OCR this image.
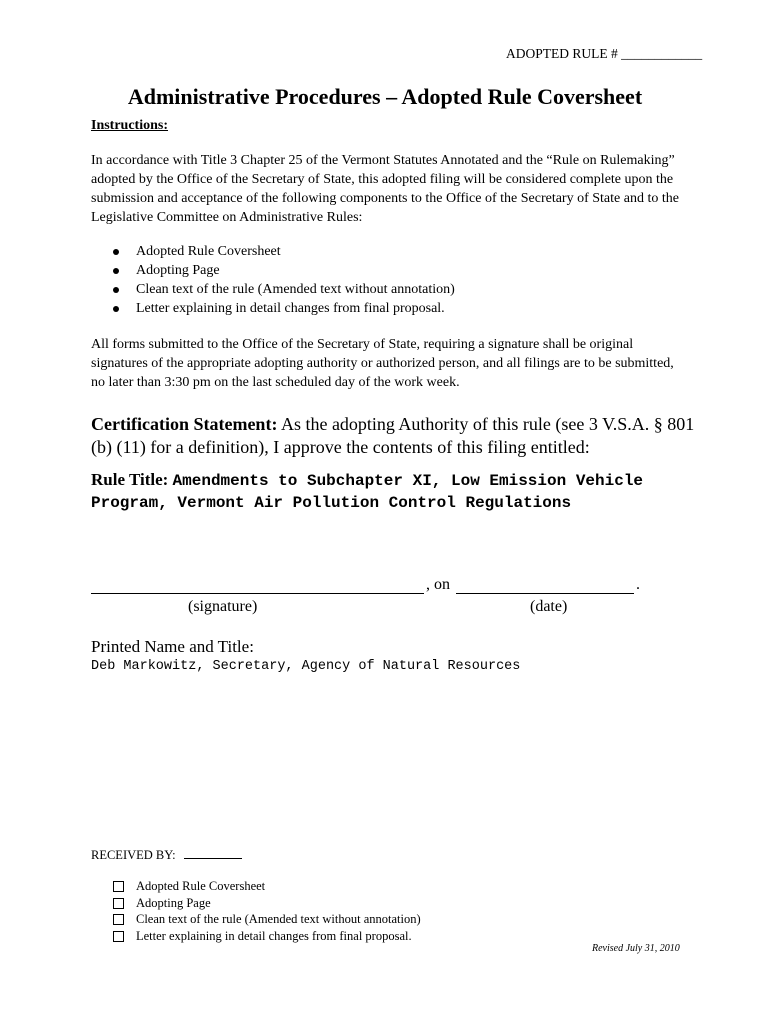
ADOPTED RULE # ____________
Administrative Procedures – Adopted Rule Coversheet
Instructions:
In accordance with Title 3 Chapter 25 of the Vermont Statutes Annotated and the “Rule on Rulemaking” adopted by the Office of the Secretary of State, this adopted filing will be considered complete upon the submission and acceptance of the following components to the Office of the Secretary of State and to the Legislative Committee on Administrative Rules:
Adopted Rule Coversheet
Adopting Page
Clean text of the rule (Amended text without annotation)
Letter explaining in detail changes from final proposal.
All forms submitted to the Office of the Secretary of State, requiring a signature shall be original signatures of the appropriate adopting authority or authorized person, and all filings are to be submitted, no later than 3:30 pm on the last scheduled day of the work week.
Certification Statement: As the adopting Authority of this rule (see 3 V.S.A. § 801 (b) (11) for a definition), I approve the contents of this filing entitled:
Rule Title: Amendments to Subchapter XI, Low Emission Vehicle Program, Vermont Air Pollution Control Regulations
, on	.
(signature)	(date)
Printed Name and Title:
Deb Markowitz, Secretary, Agency of Natural Resources
RECEIVED BY:
Adopted Rule Coversheet
Adopting Page
Clean text of the rule (Amended text without annotation)
Letter explaining in detail changes from final proposal.
Revised July 31, 2010
